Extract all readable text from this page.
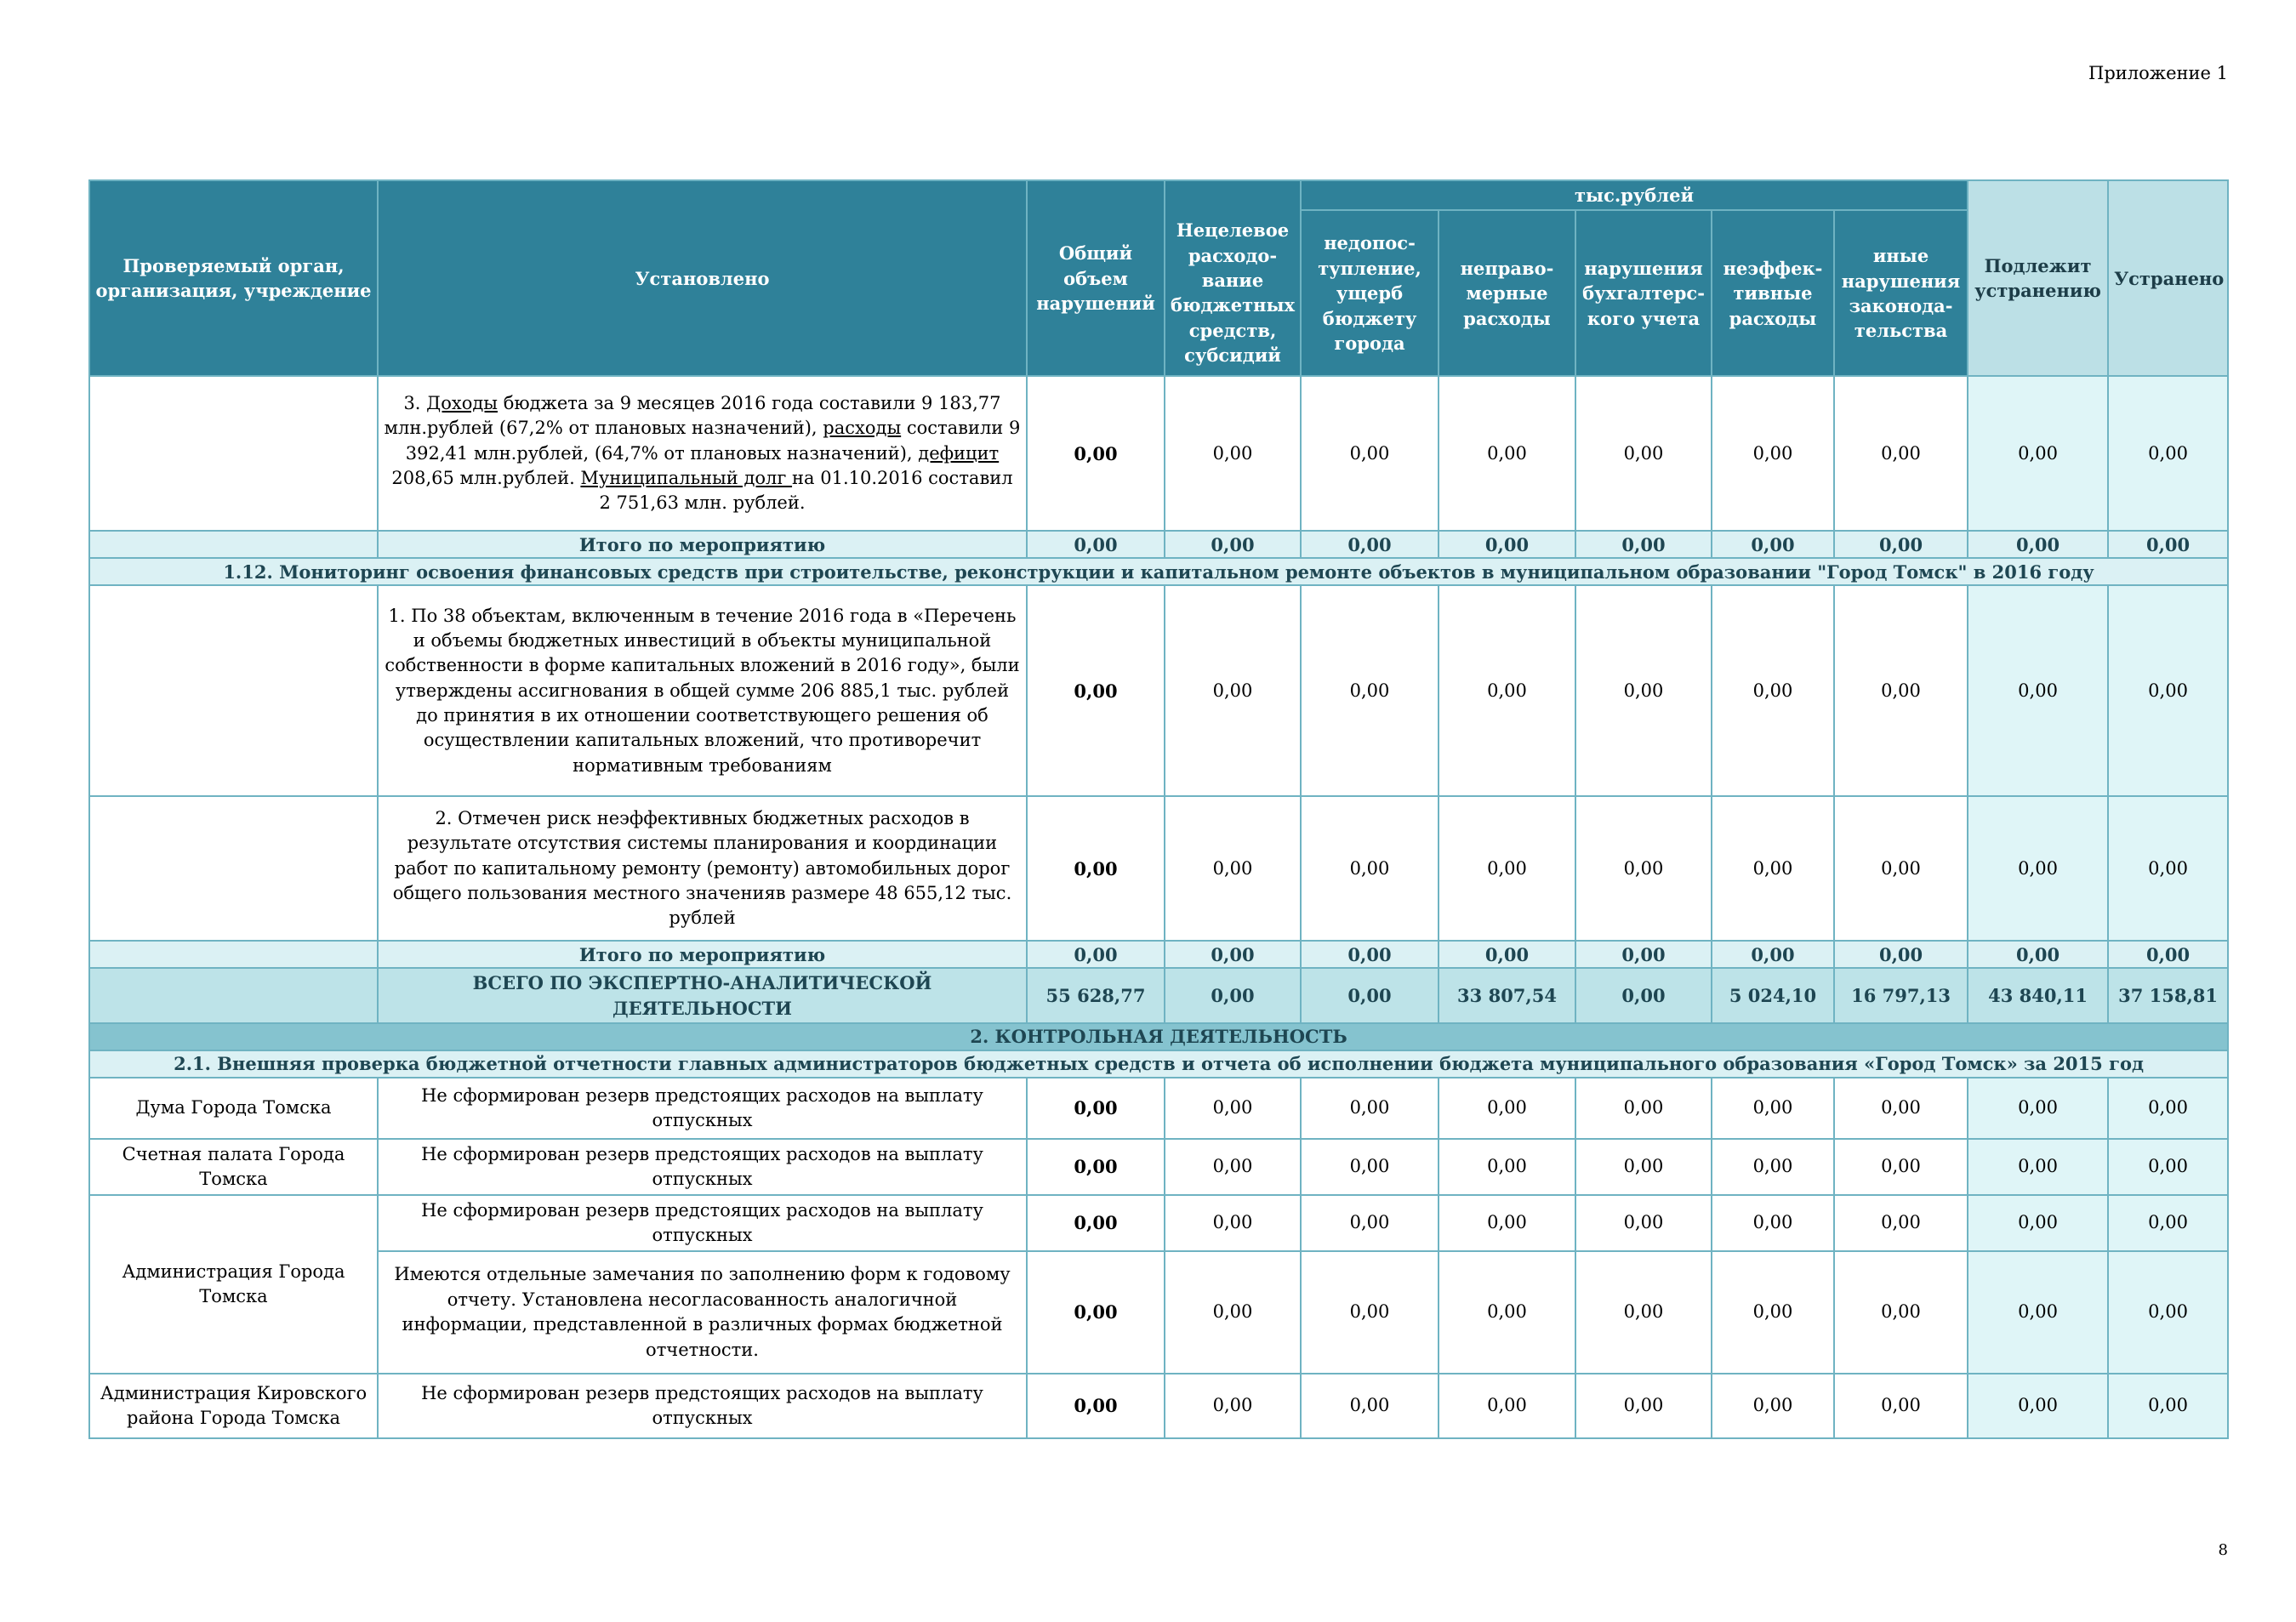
Приложение 1
Проверяемый орган, организация, учреждение	Установлено	Общий объем нарушений		тыс.рублей					Подлежит устранению	Устранено
			Нецелевое расходо-вание бюджетных средств, субсидий	недопос-тупление, ущерб бюджету города	неправо-мерные расходы	нарушения бухгалтерс-кого учета	неэффек-тивные расходы	иные нарушения законода-тельства		
	3. Доходы бюджета за 9 месяцев 2016 года составили 9 183,77 млн.рублей (67,2% от плановых назначений), расходы составили 9 392,41 млн.рублей, (64,7% от плановых назначений), дефицит 208,65 млн.рублей. Муниципальный долг на 01.10.2016 составил 2 751,63 млн. рублей.	0,00	0,00	0,00	0,00	0,00	0,00	0,00	0,00	0,00
	Итого по мероприятию	0,00	0,00	0,00	0,00	0,00	0,00	0,00	0,00	0,00
1.12. Мониторинг освоения финансовых средств при строительстве, реконструкции и капитальном ремонте объектов в муниципальном образовании "Город Томск" в 2016 году										
	1. По 38 объектам, включенным в течение 2016 года в «Перечень и объемы бюджетных инвестиций в объекты муниципальной собственности в форме капитальных вложений в 2016 году», были утверждены ассигнования в общей сумме 206 885,1 тыс. рублей до принятия в их отношении соответствующего решения об осуществлении капитальных вложений, что противоречит нормативным требованиям	0,00	0,00	0,00	0,00	0,00	0,00	0,00	0,00	0,00
	2. Отмечен риск неэффективных бюджетных расходов в результате отсутствия системы планирования и координации работ по капитальному ремонту (ремонту) автомобильных дорог общего пользования местного значенияв размере 48 655,12 тыс. рублей	0,00	0,00	0,00	0,00	0,00	0,00	0,00	0,00	0,00
	Итого по мероприятию	0,00	0,00	0,00	0,00	0,00	0,00	0,00	0,00	0,00
	ВСЕГО ПО ЭКСПЕРТНО-АНАЛИТИЧЕСКОЙ ДЕЯТЕЛЬНОСТИ	55 628,77	0,00	0,00	33 807,54	0,00	5 024,10	16 797,13	43 840,11	37 158,81
2. КОНТРОЛЬНАЯ ДЕЯТЕЛЬНОСТЬ										
2.1. Внешняя проверка бюджетной отчетности главных администраторов бюджетных средств и отчета об исполнении бюджета муниципального образования «Город Томск» за 2015 год										
Дума Города Томска	Не сформирован резерв предстоящих расходов на выплату отпускных	0,00	0,00	0,00	0,00	0,00	0,00	0,00	0,00	0,00
Счетная палата Города Томска	Не сформирован резерв предстоящих расходов на выплату отпускных	0,00	0,00	0,00	0,00	0,00	0,00	0,00	0,00	0,00
Администрация Города Томска	Не сформирован резерв предстоящих расходов на выплату отпускных	0,00	0,00	0,00	0,00	0,00	0,00	0,00	0,00	0,00
	Имеются отдельные замечания по заполнению форм к годовому отчету. Установлена несогласованность аналогичной информации, представленной в различных формах бюджетной отчетности.	0,00	0,00	0,00	0,00	0,00	0,00	0,00	0,00	0,00
Администрация Кировского района Города Томска	Не сформирован резерв предстоящих расходов на выплату отпускных	0,00	0,00	0,00	0,00	0,00	0,00	0,00	0,00	0,00
8
